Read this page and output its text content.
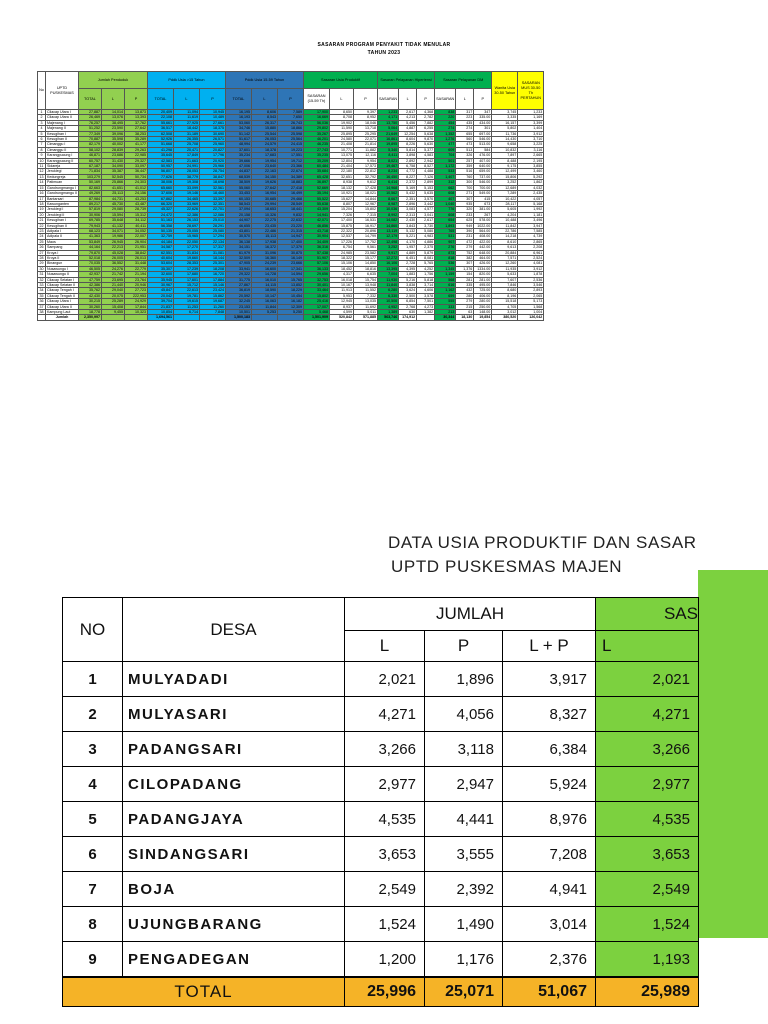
SASARAN PROGRAM PENYAKIT TIDAK MENULAR
TAHUN 2023
No	UPTD PUSKESMAS	Jumlah Penduduk			Pddk Usia >15 Tahun			Pddk Usia 15-59 Tahun			Sasaran Usia Produktif			Sasaran Pelayanan Hipertensi			Sasaran Pelayanan DM			Wanita Usia 30-50 Tahun	SASARAN MUS 30-50 Th PERTAHUN
		TOTAL	L	P	TOTAL	L	P	TOTAL	L	P	SASARAN (15-59 Th)	L	P	SASARAN	L	P	SASARAN	L	P		
1	Cilacap Utara I	27,887	14,014	13,873	20,409	11,094	10,945	16,195	8,606	7,589	17,900	8,650	9,397	1,233	2,617	4,368	838	317	347	3,745	1,233
2	Cilacap Utara II	26,469	13,076	13,393	22,108	11,619	10,489	16,193	8,543	7,650	16,669	8,708	8,952	4,171	4,213	2,782	220	223	335.00	3,335	1,169
3	Majenang I	76,257	38,495	37,762	55,661	27,925	27,661	53,060	26,317	26,743	56,036	19,902	18,046	13,750	5,456	7,882	454	435	434.00	16,157	3,399
4	Majenang II	51,252	23,590	27,642	36,517	18,442	18,375	34,746	15,880	18,866	29,802	11,590	13,718	5,064	4,887	6,255	274	274	301	5,802	1,404
5	Kesugihan I	77,349	39,096	38,253	62,508	31,189	30,690	51,142	25,544	25,598	35,267	25,895	25,295	21,649	12,254	5,638	1,352	655	697.00	11,736	3,912
6	Kesugihan II	70,887	35,598	35,289	52,926	26,355	26,571	51,617	26,053	25,564	46,201	24,580	22,071	16,861	8,604	9,870	1,276	560	546.00	14,430	3,710
7	Cimanggu I	82,179	40,002	41,177	51,668	25,708	25,960	48,994	24,579	24,415	46,235	21,408	21,814	19,895	8,226	5,630	477	473	513.00	9,658	3,225
8	Cimanggu II	58,102	28,839	29,263	41,298	20,471	20,827	37,601	18,378	19,223	27,743	10,771	11,882	5,340	5,814	5,377	609	513	584	10,832	3,116
9	Karangpucung I	46,871	23,686	22,985	35,645	17,849	17,796	35,234	17,683	17,551	35,235	13,075	12,116	8,411	3,898	4,583	704	326	476.00	7,897	2,665
10	Karangpucung II	60,757	31,430	29,327	42,583	21,663	20,920	39,666	19,954	19,712	35,209	12,804	9,954	8,021	2,892	2,942	501	257	407.00	8,488	2,195
11	Sidareja	67,187	34,090	33,097	50,957	24,991	25,966	47,006	23,640	23,366	60,484	21,404	17,573	19,467	6,758	8,527	1,172	359	640.00	9,175	3,855
12	Jeruklegi	71,834	35,387	36,447	56,807	28,053	28,754	44,837	22,163	22,674	35,684	22,180	22,812	8,234	4,772	4,488	533	516	659.00	12,499	3,460
13	Kedungreja	103,279	52,545	50,734	77,626	38,779	38,847	68,539	34,150	34,389	65,428	32,651	32,792	16,450	8,227	7,126	1,407	760	737.00	15,806	5,292
14	Patimuan	50,169	25,866	24,303	38,006	19,308	18,698	38,509	19,626	18,883	36,897	8,938	9,612	6,414	2,372	2,899	312	300	546.00	3,252	1,862
15	Gandrungmangu I	82,663	41,651	41,012	65,660	33,099	32,561	55,060	27,642	27,418	52,669	18,132	17,428	14,968	5,169	5,153	662	700	700.00	12,689	4,032
16	Gandrungmangu II	49,269	25,113	24,156	37,606	19,146	18,460	33,453	16,954	16,499	35,194	10,921	18,021	10,562	5,432	5,635	608	271	549.00	7,289	2,435
17	Bantarsari	87,984	44,731	43,253	67,862	34,465	33,397	60,153	30,685	29,468	55,522	15,627	14,844	8,667	2,351	3,570	407	307	415	10,422	4,057
18	Kawunganten	89,217	45,730	43,487	66,320	33,969	32,351	58,543	29,994	28,549	55,638	8,807	12,967	8,987	2,896	3,442	1,040	935	673	28,117	5,168
19	Jeruklegi I	57,819	29,080	28,739	45,327	22,626	22,701	37,094	18,653	18,441	43,309	15,204	15,802	10,036	3,083	4,577	776	320	381.00	5,605	1,992
20	Jeruklegi II	30,906	15,594	15,312	24,472	12,386	12,086	20,158	10,326	9,832	14,941	7,326	7,315	8,992	2,313	3,041	608	233	267	4,204	1,181
21	Kesugihan I	69,785	35,648	34,112	51,163	26,153	25,010	44,907	22,275	22,632	42,071	17,400	16,531	14,082	2,430	2,617	654	625	578.00	10,488	3,496
22	Kesugihan II	79,943	41,132	40,411	56,358	28,697	28,291	46,655	23,435	23,220	46,856	15,875	16,917	14,860	3,843	3,730	1,893	949	1022.00	11,842	3,947
23	Adipala I	68,123	34,071	34,052	50,135	25,055	25,080	43,801	22,486	21,315	43,718	22,322	20,896	13,119	5,132	5,080	765	390	564.00	22,786	7,585
24	Adipala II	41,363	19,986	22,007	32,759	15,965	17,294	30,570	15,113	14,947	30,904	12,537	14,799	12,179	5,221	4,983	531	231	408.00	14,218	4,739
25	Maos	53,849	26,945	26,904	44,184	22,050	22,134	36,138	17,938	17,400	34,409	17,226	17,752	12,498	4,170	4,886	907	472	422.00	8,610	2,865
26	Sampang	44,164	22,213	21,951	34,587	17,270	17,317	34,151	16,372	17,379	36,316	6,754	9,561	3,252	1,957	2,375	276	279	442.00	9,613	2,208
27	Kroya I	79,870	45,028	38,842	62,551	31,834	31,081	61,979	31,096	30,875	57,438	24,985	23,582	9,917	4,889	5,879	873	752	648.00	20,884	6,961
28	Kroya II	52,018	26,005	26,013	40,604	19,660	18,144	32,509	16,360	16,149	51,907	18,322	15,177	12,272	6,451	8,081	818	382	464.00	7,571	2,524
29	Binangun	70,035	36,552	31,448	53,604	28,353	25,301	47,905	24,239	23,666	57,106	15,106	14,850	16,106	2,728	5,765	536	307	426.00	12,260	4,081
30	Nusawungu I	46,505	24,276	22,779	35,307	17,239	18,208	33,941	16,600	17,341	36,133	18,452	18,816	13,395	4,395	4,252	1,345	1,376	1334.00	11,935	3,912
31	Nusawungu II	42,937	21,742	21,194	32,600	17,680	16,720	29,322	14,728	14,594	29,656	4,317	6,635	7,004	1,883	1,756	1,159	154	820.00	5,633	1,878
32	Cilacap Selatan I	47,759	23,695	23,764	35,945	17,601	17,884	31,775	16,010	15,765	32,753	16,018	15,754	11,930	5,216	5,818	568	281	281.00	7,607	2,536
33	Cilacap Selatan II	42,386	21,440	20,946	30,967	15,712	15,146	27,867	14,115	13,852	30,401	10,167	13,948	11,840	3,838	3,714	616	335	495.00	7,846	3,546
34	Cilacap Tengah I	35,762	29,040	27,723	45,847	22,613	23,424	36,819	18,590	18,229	33,464	11,913	11,552	6,280	3,624	4,606	1,162	432	725.00	8,680	2,893
35	Cilacap Tengah II	42,430	20,075	222,953	20,042	19,781	15,862	20,592	10,147	10,454	15,802	5,953	7,332	6,330	2,500	3,578	659	280	406.00	8,196	2,065
36	Cilacap Utara I	30,215	25,289	24,929	39,704	19,615	19,687	32,245	16,063	16,182	25,416	12,945	13,035	10,506	6,854	7,501	555	279	280.00	15,518	5,173
37	Cilacap Utara II	30,260	15,408	17,844	21,837	11,253	11,260	23,153	11,844	12,309	17,007	8,937	11,692	4,952	2,768	4,273	333	215	250.00	4,705	1,568
38	Kampung Laut	18,778	9,455	10,323	10,854	6,714	7,848	10,501	5,253	5,250	5,468	4,599	5,011	1,389	630	1,382	213	63	148.00	3,012	1,004
	Jumlah	2,350,997			1,694,561			1,500,183			1,501,909	520,842	571,885	563,746	174,912		30,344	18,130	19,854	380,520	126,042
DATA USIA PRODUKTIF DAN SASAR
UPTD PUSKESMAS MAJEN
NO	DESA	JUMLAH			SAS
		L	P	L + P	L
1	MULYADADI	2,021	1,896	3,917	2,021
2	MULYASARI	4,271	4,056	8,327	4,271
3	PADANGSARI	3,266	3,118	6,384	3,266
4	CILOPADANG	2,977	2,947	5,924	2,977
5	PADANGJAYA	4,535	4,441	8,976	4,535
6	SINDANGSARI	3,653	3,555	7,208	3,653
7	BOJA	2,549	2,392	4,941	2,549
8	UJUNGBARANG	1,524	1,490	3,014	1,524
9	PENGADEGAN	1,200	1,176	2,376	1,193
TOTAL		25,996	25,071	51,067	25,989
